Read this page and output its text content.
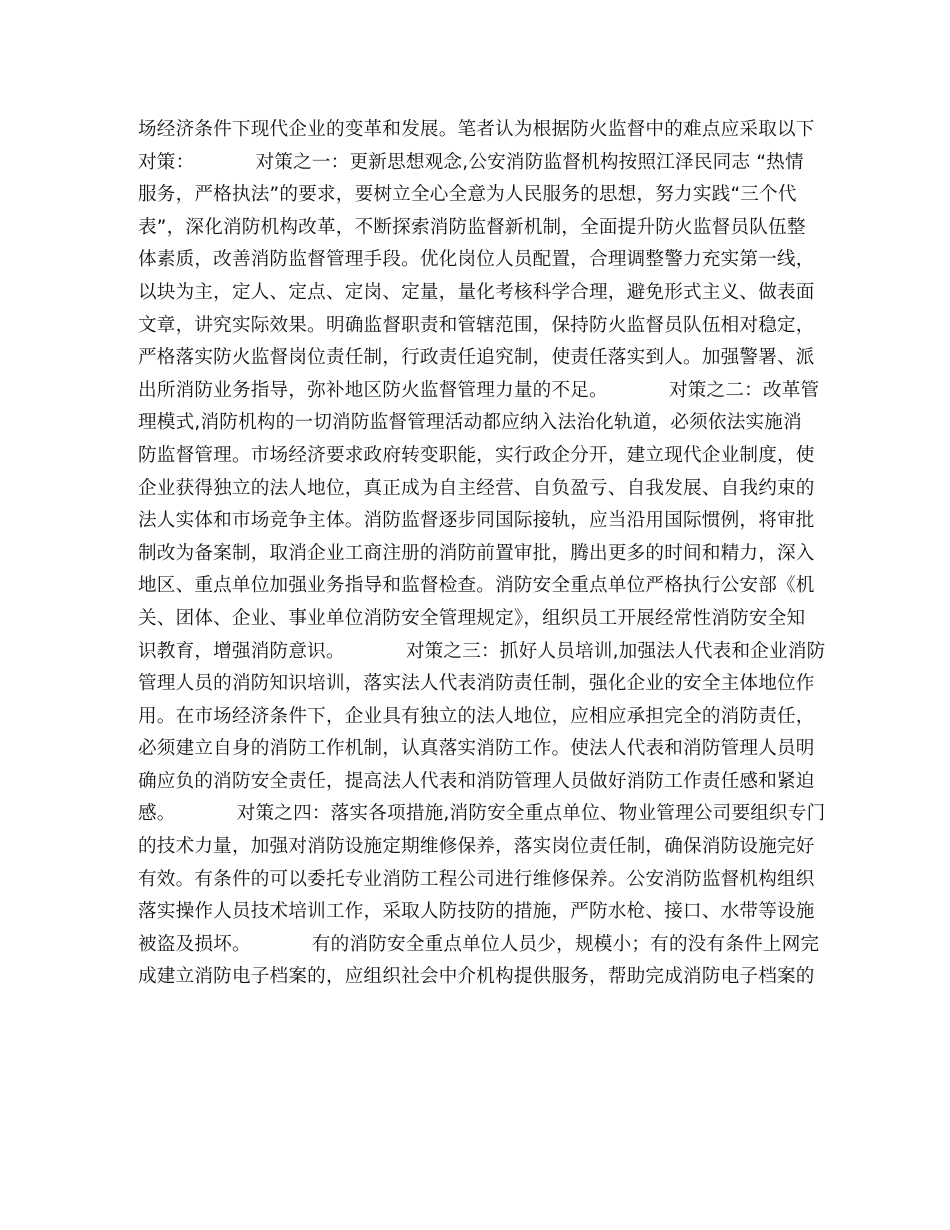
场经济条件下现代企业的变革和发展。笔者认为根据防火监督中的难点应采取以下
对策：          对策之一：更新思想观念,公安消防监督机构按照江泽民同志 “热情
服务，严格执法”的要求，要树立全心全意为人民服务的思想，努力实践“三个代
表”，深化消防机构改革，不断探索消防监督新机制，全面提升防火监督员队伍整
体素质，改善消防监督管理手段。优化岗位人员配置，合理调整警力充实第一线，
以块为主，定人、定点、定岗、定量，量化考核科学合理，避免形式主义、做表面
文章，讲究实际效果。明确监督职责和管辖范围，保持防火监督员队伍相对稳定，
严格落实防火监督岗位责任制，行政责任追究制，使责任落实到人。加强警署、派
出所消防业务指导，弥补地区防火监督管理力量的不足。          对策之二：改革管
理模式,消防机构的一切消防监督管理活动都应纳入法治化轨道，必须依法实施消
防监督管理。市场经济要求政府转变职能，实行政企分开，建立现代企业制度，使
企业获得独立的法人地位，真正成为自主经营、自负盈亏、自我发展、自我约束的
法人实体和市场竞争主体。消防监督逐步同国际接轨，应当沿用国际惯例，将审批
制改为备案制，取消企业工商注册的消防前置审批，腾出更多的时间和精力，深入
地区、重点单位加强业务指导和监督检查。消防安全重点单位严格执行公安部《机
关、团体、企业、事业单位消防安全管理规定》，组织员工开展经常性消防安全知
识教育，增强消防意识。          对策之三：抓好人员培训,加强法人代表和企业消防
管理人员的消防知识培训，落实法人代表消防责任制，强化企业的安全主体地位作
用。在市场经济条件下，企业具有独立的法人地位，应相应承担完全的消防责任，
必须建立自身的消防工作机制，认真落实消防工作。使法人代表和消防管理人员明
确应负的消防安全责任，提高法人代表和消防管理人员做好消防工作责任感和紧迫
感。          对策之四：落实各项措施,消防安全重点单位、物业管理公司要组织专门
的技术力量，加强对消防设施定期维修保养，落实岗位责任制，确保消防设施完好
有效。有条件的可以委托专业消防工程公司进行维修保养。公安消防监督机构组织
落实操作人员技术培训工作，采取人防技防的措施，严防水枪、接口、水带等设施
被盗及损坏。          有的消防安全重点单位人员少，规模小；有的没有条件上网完
成建立消防电子档案的，应组织社会中介机构提供服务，帮助完成消防电子档案的
